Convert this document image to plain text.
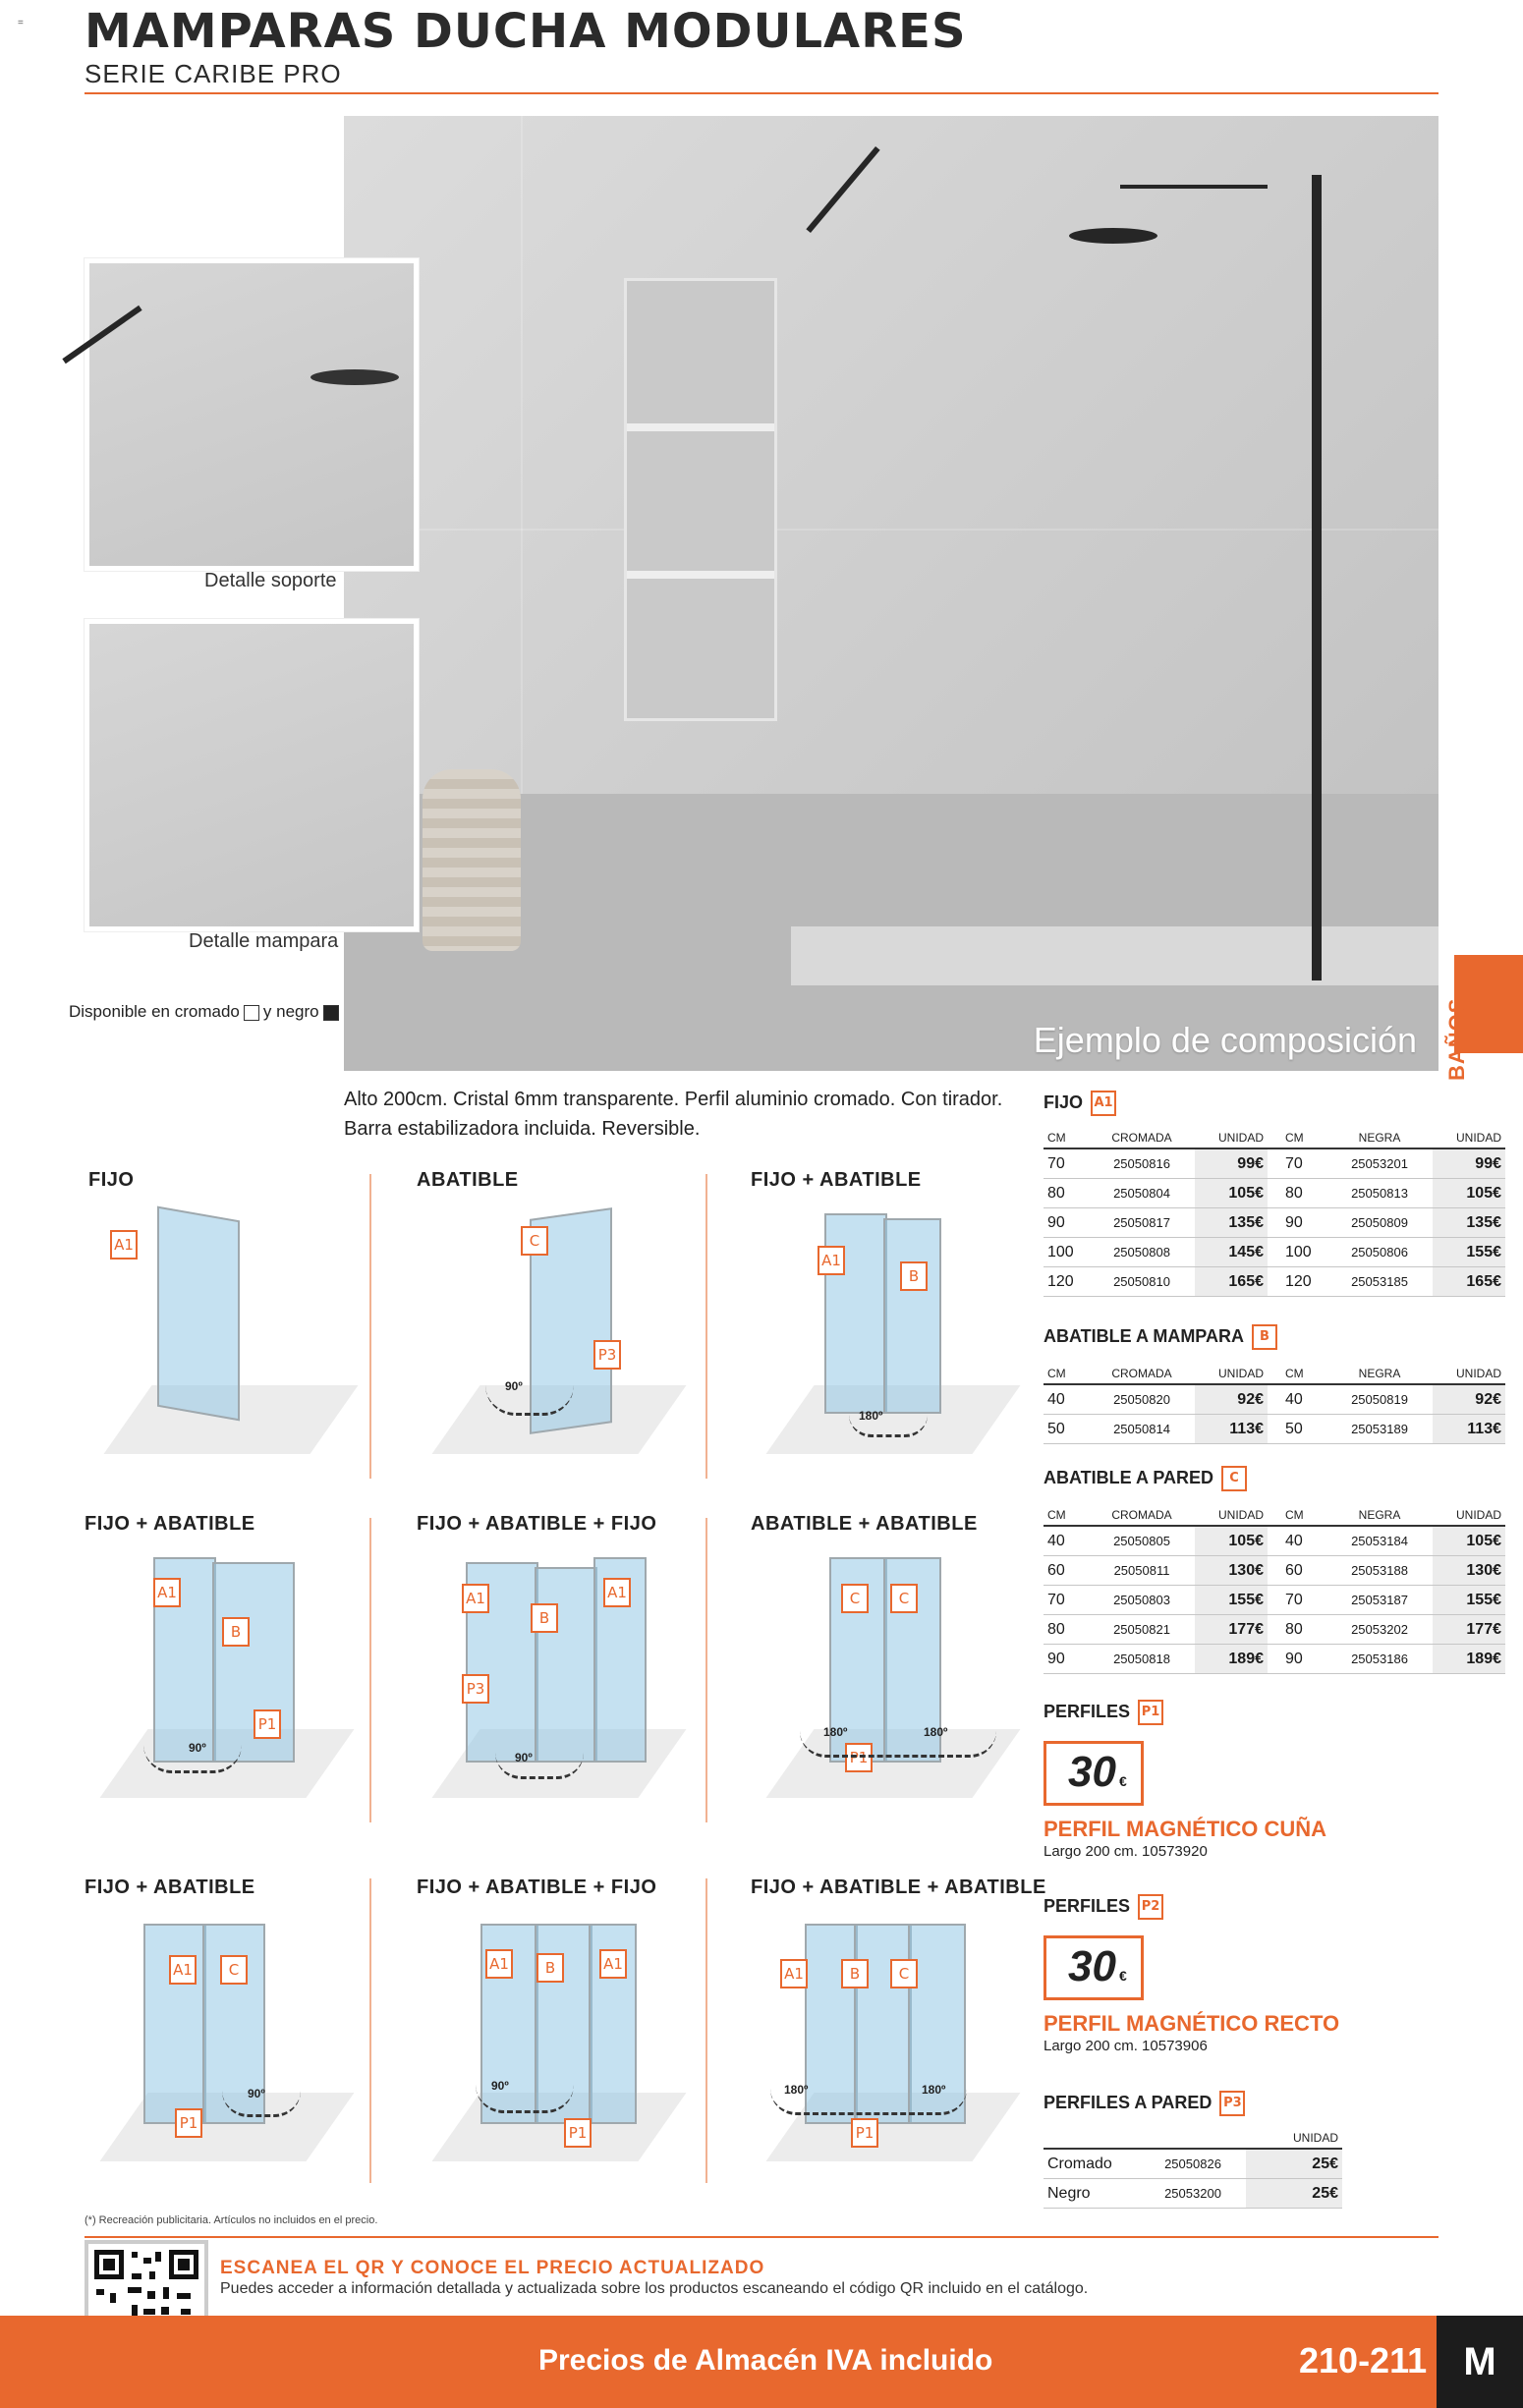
= MAMPARAS DUCHA MODULARES
SERIE CARIBE PRO
Ejemplo de composición
Detalle soporte
Detalle mampara
Disponible en cromado y negro
Alto 200cm. Cristal 6mm transparente. Perfil aluminio cromado. Con tirador.
Barra estabilizadora incluida. Reversible.
BAÑOS
FIJO
A1
ABATIBLE
C
P3
90º
FIJO + ABATIBLE
A1
B
180º
FIJO + ABATIBLE
A1
B
P1
90º
FIJO + ABATIBLE + FIJO
A1
B
A1
P3
90º
ABATIBLE + ABATIBLE
C	C
P1
180º	180º
FIJO + ABATIBLE
A1	C
P1
90º
FIJO + ABATIBLE + FIJO
A1	B	A1
P1
90º
FIJO + ABATIBLE + ABATIBLE
A1	B	C
P1
180º	180º
FIJO A1
CM	CROMADA	UNIDAD	CM	NEGRA	UNIDAD
70	25050816	99€	70	25053201	99€
80	25050804	105€	80	25050813	105€
90	25050817	135€	90	25050809	135€
100	25050808	145€	100	25050806	155€
120	25050810	165€	120	25053185	165€
ABATIBLE A MAMPARA B
CM	CROMADA	UNIDAD	CM	NEGRA	UNIDAD
40	25050820	92€	40	25050819	92€
50	25050814	113€	50	25053189	113€
ABATIBLE A PARED C
CM	CROMADA	UNIDAD	CM	NEGRA	UNIDAD
40	25050805	105€	40	25053184	105€
60	25050811	130€	60	25053188	130€
70	25050803	155€	70	25053187	155€
80	25050821	177€	80	25053202	177€
90	25050818	189€	90	25053186	189€
PERFILES P1
30 €
PERFIL MAGNÉTICO CUÑA
Largo 200 cm. 10573920
PERFILES P2
30 €
PERFIL MAGNÉTICO RECTO
Largo 200 cm. 10573906
PERFILES A PARED P3
		UNIDAD
Cromado	25050826	25€
Negro	25053200	25€
(*) Recreación publicitaria. Artículos no incluidos en el precio.
ESCANEA EL QR Y CONOCE EL PRECIO ACTUALIZADO
Puedes acceder a información detallada y actualizada sobre los productos escaneando el código QR incluido en el catálogo.
Precios de Almacén IVA incluido	210-211 M
